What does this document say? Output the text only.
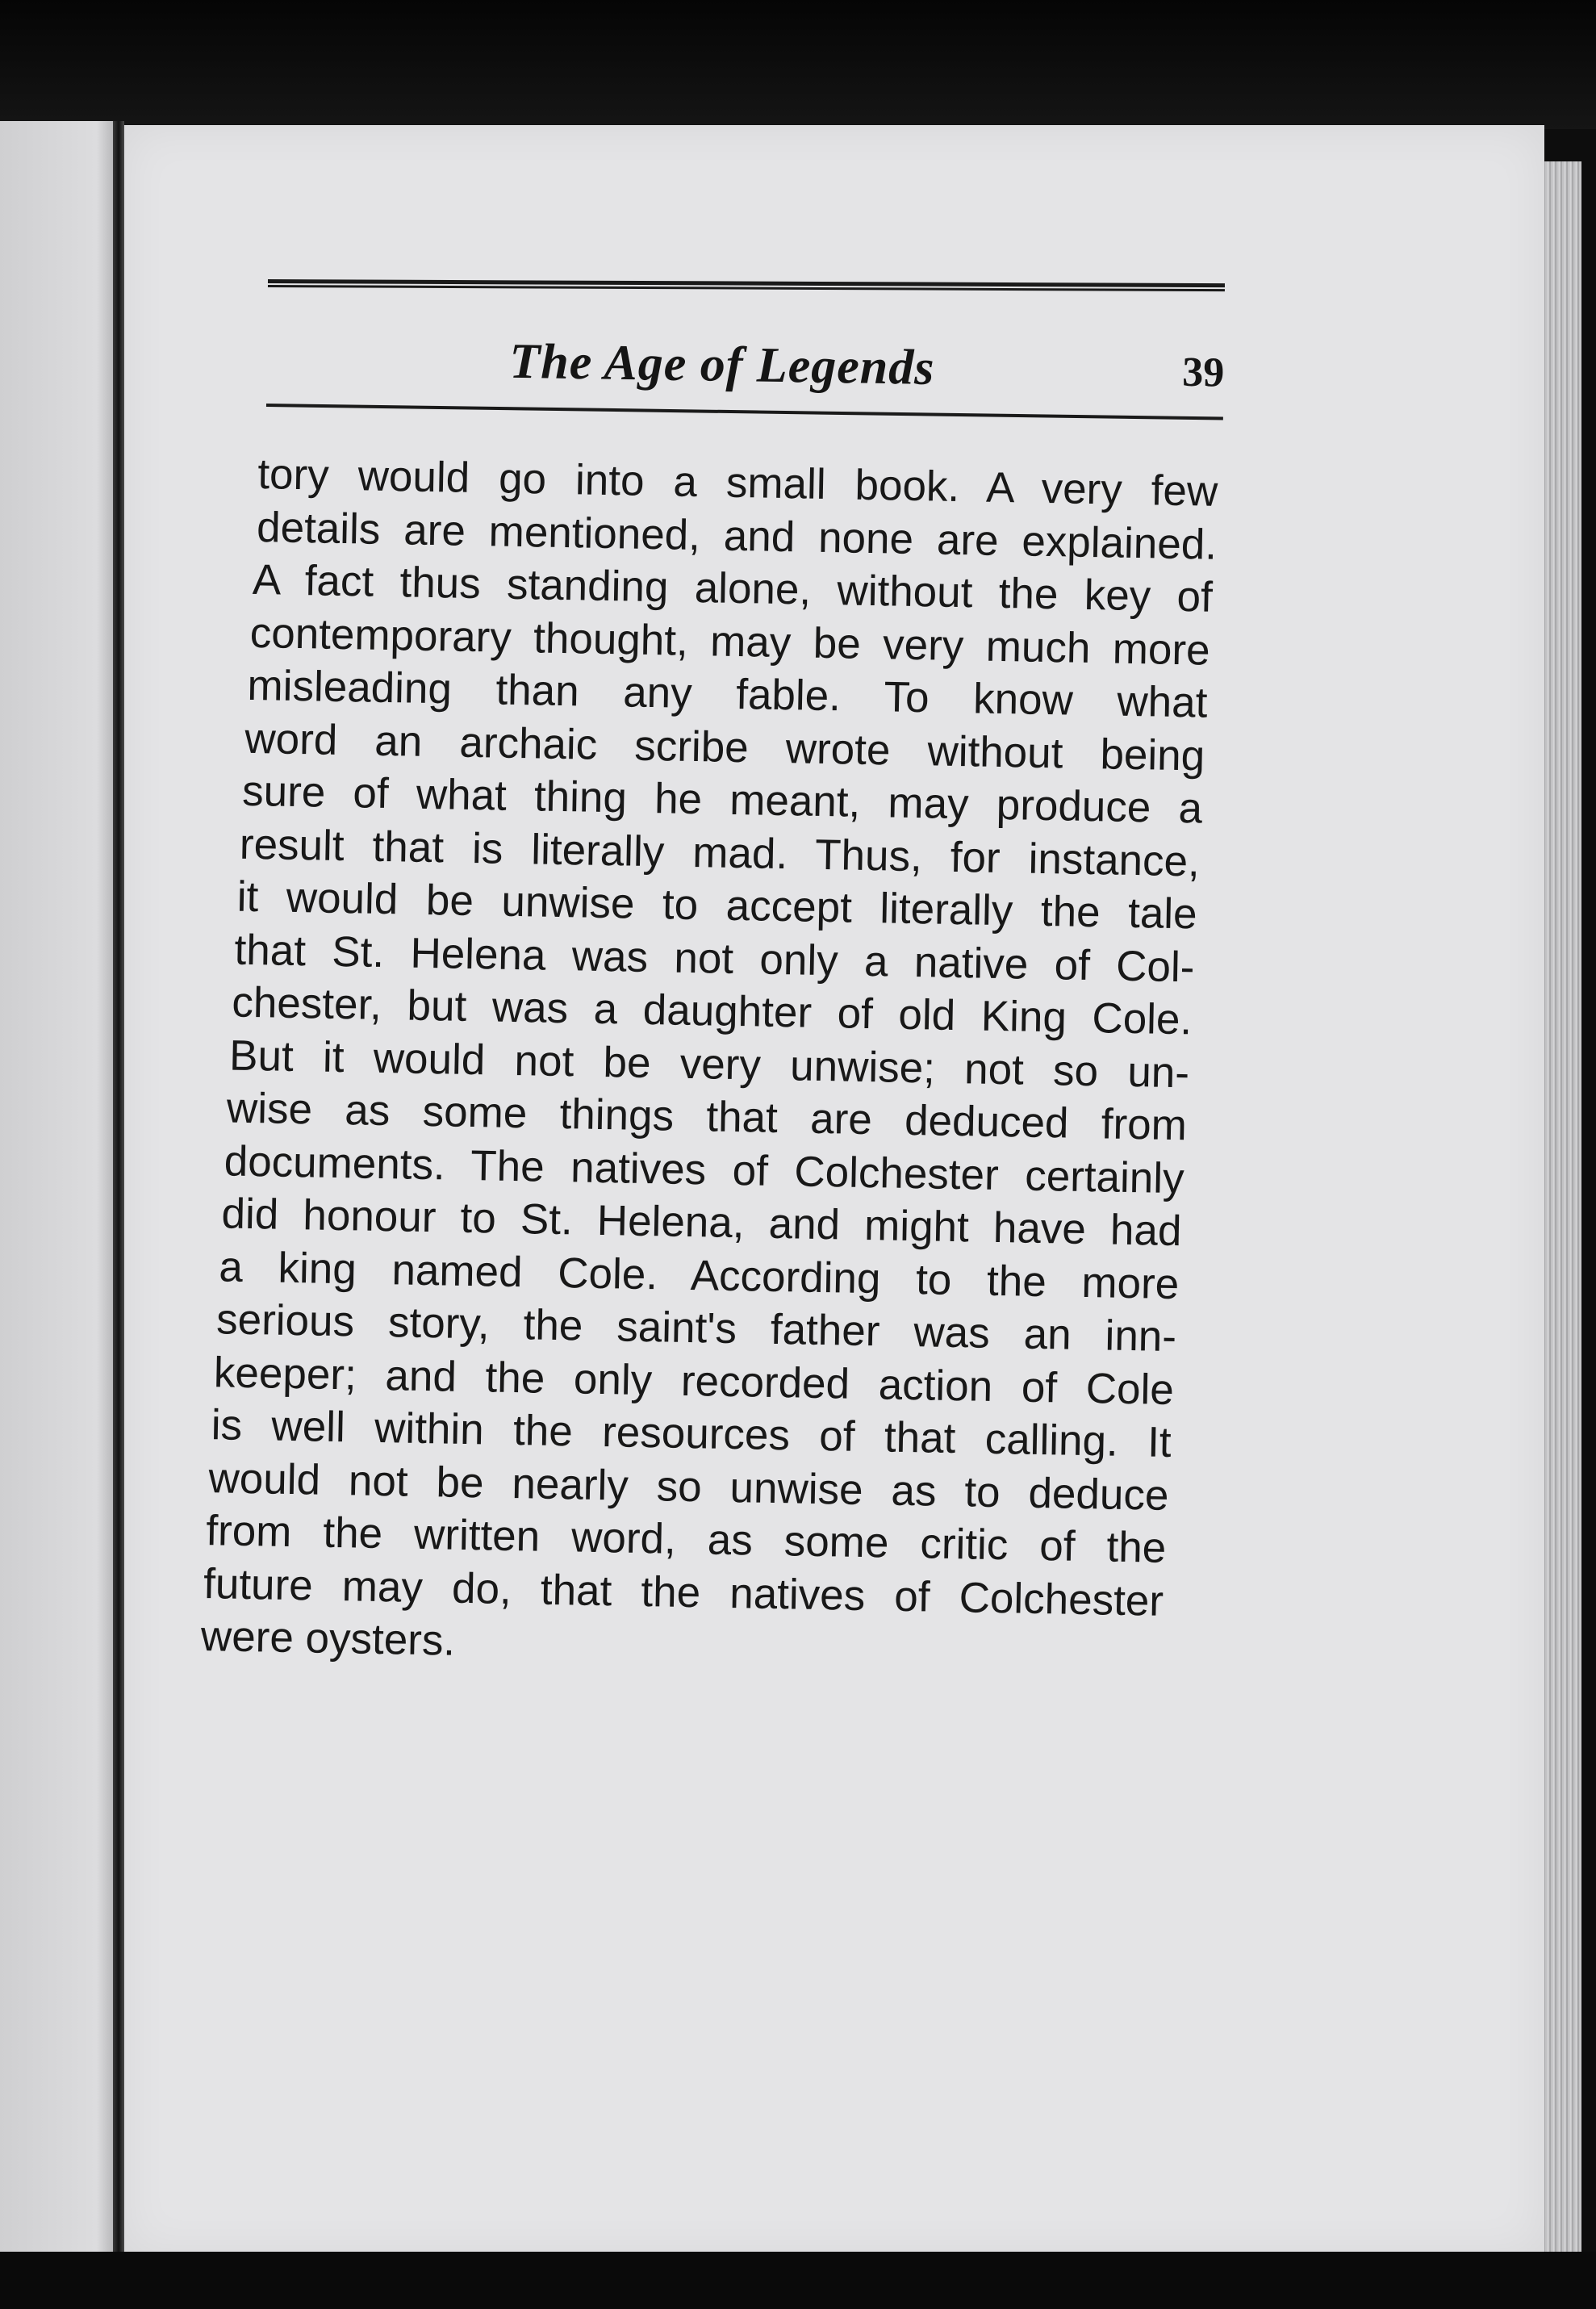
The Age of Legends	39
tory would go into a small book. A very few
details are mentioned, and none are explained.
A fact thus standing alone, without the key of
contemporary thought, may be very much more
misleading than any fable. To know what
word an archaic scribe wrote without being
sure of what thing he meant, may produce a
result that is literally mad. Thus, for instance,
it would be unwise to accept literally the tale
that St. Helena was not only a native of Col-
chester, but was a daughter of old King Cole.
But it would not be very unwise; not so un-
wise as some things that are deduced from
documents. The natives of Colchester certainly
did honour to St. Helena, and might have had
a king named Cole. According to the more
serious story, the saint's father was an inn-
keeper; and the only recorded action of Cole
is well within the resources of that calling. It
would not be nearly so unwise as to deduce
from the written word, as some critic of the
future may do, that the natives of Colchester
were oysters.
